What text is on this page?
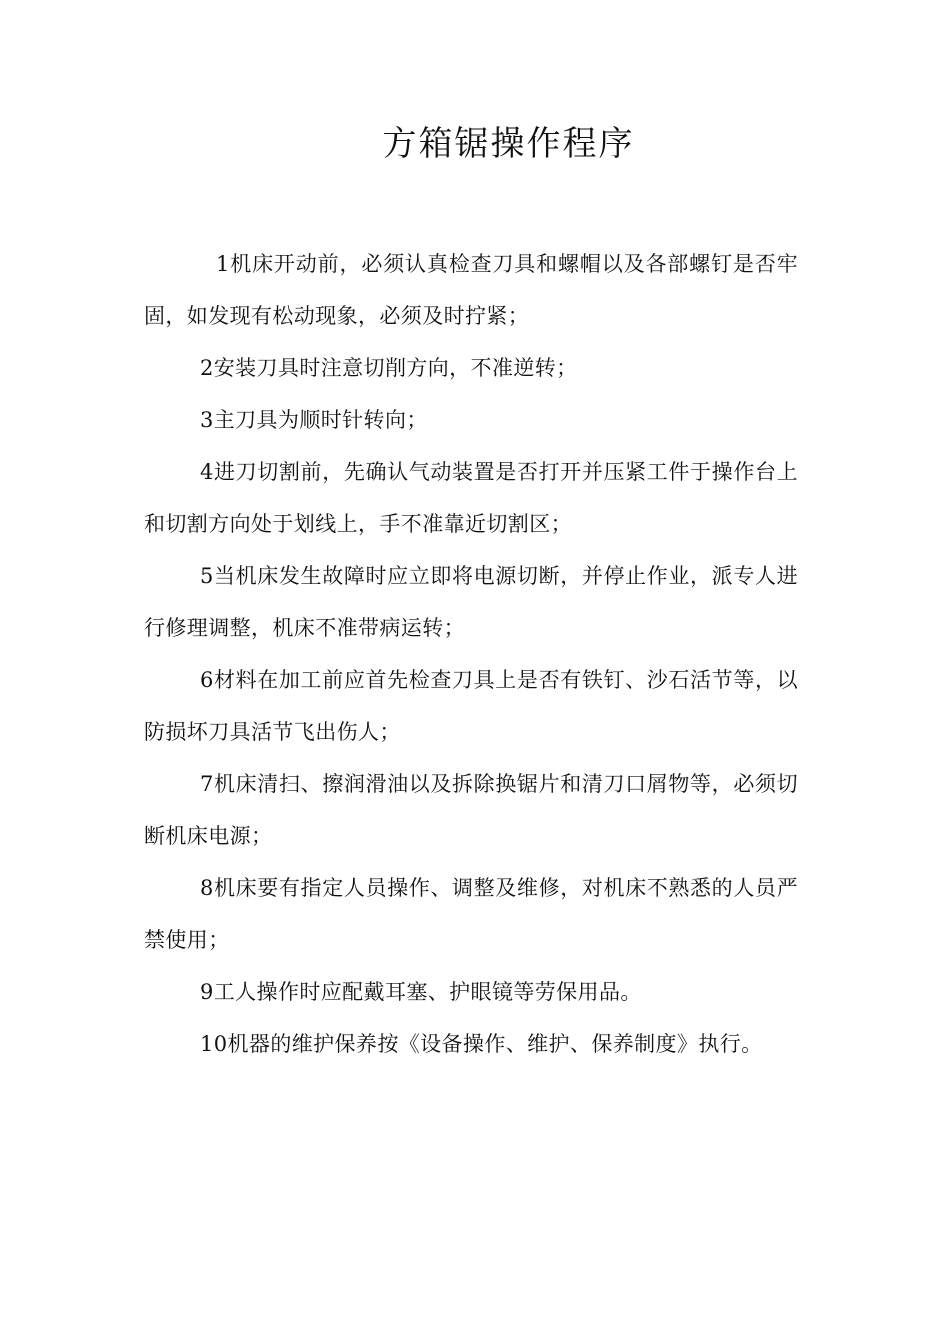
方箱锯操作程序

1机床开动前，必须认真检查刀具和螺帽以及各部螺钉是否牢固，如发现有松动现象，必须及时拧紧；

2安装刀具时注意切削方向，不准逆转；

3主刀具为顺时针转向；

4进刀切割前，先确认气动装置是否打开并压紧工件于操作台上和切割方向处于划线上，手不准靠近切割区；

5当机床发生故障时应立即将电源切断，并停止作业，派专人进行修理调整，机床不准带病运转；

6材料在加工前应首先检查刀具上是否有铁钉、沙石活节等，以防损坏刀具活节飞出伤人；

7机床清扫、擦润滑油以及拆除换锯片和清刀口屑物等，必须切断机床电源；

8机床要有指定人员操作、调整及维修，对机床不熟悉的人员严禁使用；

9工人操作时应配戴耳塞、护眼镜等劳保用品。

10机器的维护保养按《设备操作、维护、保养制度》执行。
